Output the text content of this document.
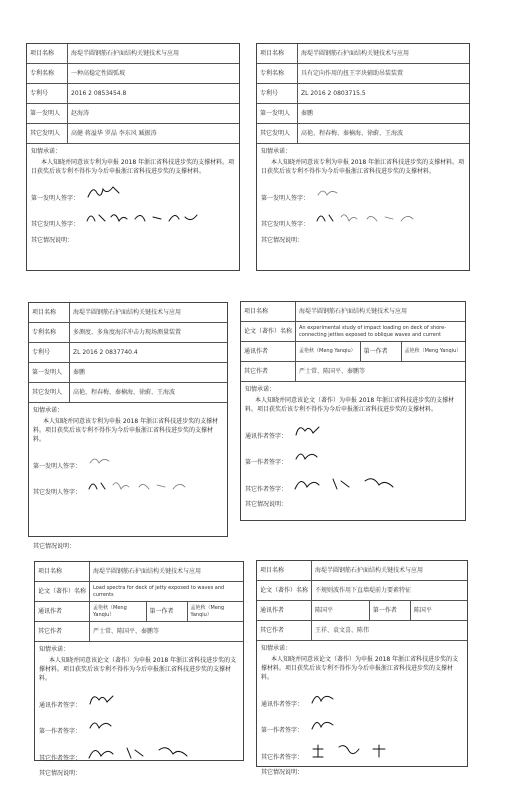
项目名称	海堤半圆钢筋石护面结构关键技术与应用
专利名称	一种高稳定性圆弧坡
专利号	2016 2 0853454.8
第一发明人	赵海涛
其它发明人	高健 蒋溢华 罗晶 李东风 臧振涛
知情承诺：
本人知晓并同意该专利为申报 2018 年浙江省科技进步奖的支撑材料。项目获奖后该专利不得作为今后申报浙江省科技进步奖的支撑材料。
第一发明人签字：
其它发明人签字：
其它情况说明：
项目名称	海堤半圆钢筋石护面结构关键技术与应用
专利名称	具有定向作用的扭王字块辅助吊装装置
专利号	ZL 2016 2 0803715.5
第一发明人	秦鹏
其它发明人	高艳、程春梅、秦楠海、徐蔚、王海波
知情承诺：
本人知晓并同意该专利为申报 2018 年浙江省科技进步奖的支撑材料。项目获奖后该专利不得作为今后申报浙江省科技进步奖的支撑材料。
第一发明人签字：
其它发明人签字：
其它情况说明：
项目名称	海堤半圆钢筋石护面结构关键技术与应用
专利名称	多测度、多角度海洋冲击力现场测量装置
专利号	ZL 2016 2 0837740.4
第一发明人	秦鹏
其它发明人	高艳、程春梅、秦楠海、徐蔚、王海波
知情承诺：
本人知晓并同意该专利为申报 2018 年浙江省科技进步奖的支撑材料。项目获奖后该专利不得作为今后申报浙江省科技进步奖的支撑材料。
第一发明人签字：
其它发明人签字：
其它情况说明：
项目名称	海堤半圆钢筋石护面结构关键技术与应用		
论文（著作）名称	An experimental study of impact loading on deck of shore-connecting jetties exposed to oblique waves and current		
通讯作者	孟艳秋（Meng Yanqiu）	第一作者	孟艳秋（Meng Yanqiu）
其它作者	严士常、陈国平、秦鹏等		
知情承诺：
本人知晓并同意该论文（著作）为申报 2018 年浙江省科技进步奖的支撑材料。项目获奖后该专利不得作为今后申报浙江省科技进步奖的支撑材料。
通讯作者签字：
第一作者签字：
其它作者签字：
其它情况说明：
项目名称	海堤半圆钢筋石护面结构关键技术与应用		
论文（著作）名称	Load spectra for deck of jetty exposed to waves and currents		
通讯作者	孟艳秋（Meng Yanqiu）	第一作者	孟艳秋（Meng Yanqiu）
其它作者	严士常、陈国平、秦鹏等		
知情承诺：
本人知晓并同意该论文（著作）为申报 2018 年浙江省科技进步奖的支撑材料。项目获奖后该专利不得作为今后申报浙江省科技进步奖的支撑材料。
通讯作者签字：
第一作者签字：
其它作者签字：
其它情况说明：
项目名称	海堤半圆钢筋石护面结构关键技术与应用		
论文（著作）名称	不规则波作用下直墙堤前力要素特征		
通讯作者	陈国平	第一作者	陈国平
其它作者	王祥、袁文喜、陈伟		
知情承诺：
本人知晓并同意该论文（著作）为申报 2018 年浙江省科技进步奖的支撑材料。项目获奖后该专利不得作为今后申报浙江省科技进步奖的支撑材料。
通讯作者签字：
第一作者签字：
其它作者签字：
其它情况说明：
